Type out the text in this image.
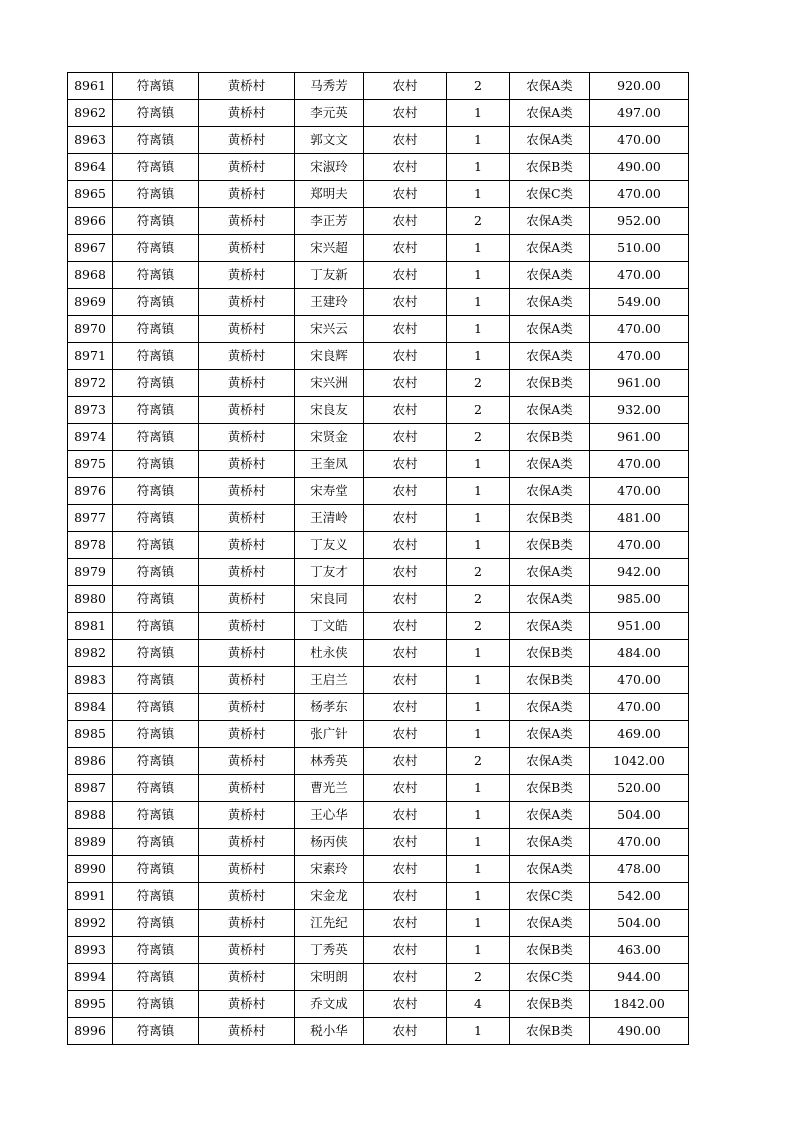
8961	符离镇	黄桥村	马秀芳	农村	2	农保A类	920.00
8962	符离镇	黄桥村	李元英	农村	1	农保A类	497.00
8963	符离镇	黄桥村	郭文文	农村	1	农保A类	470.00
8964	符离镇	黄桥村	宋淑玲	农村	1	农保B类	490.00
8965	符离镇	黄桥村	郑明夫	农村	1	农保C类	470.00
8966	符离镇	黄桥村	李正芳	农村	2	农保A类	952.00
8967	符离镇	黄桥村	宋兴超	农村	1	农保A类	510.00
8968	符离镇	黄桥村	丁友新	农村	1	农保A类	470.00
8969	符离镇	黄桥村	王建玲	农村	1	农保A类	549.00
8970	符离镇	黄桥村	宋兴云	农村	1	农保A类	470.00
8971	符离镇	黄桥村	宋良辉	农村	1	农保A类	470.00
8972	符离镇	黄桥村	宋兴洲	农村	2	农保B类	961.00
8973	符离镇	黄桥村	宋良友	农村	2	农保A类	932.00
8974	符离镇	黄桥村	宋贤金	农村	2	农保B类	961.00
8975	符离镇	黄桥村	王奎凤	农村	1	农保A类	470.00
8976	符离镇	黄桥村	宋寿堂	农村	1	农保A类	470.00
8977	符离镇	黄桥村	王清岭	农村	1	农保B类	481.00
8978	符离镇	黄桥村	丁友义	农村	1	农保B类	470.00
8979	符离镇	黄桥村	丁友才	农村	2	农保A类	942.00
8980	符离镇	黄桥村	宋良同	农村	2	农保A类	985.00
8981	符离镇	黄桥村	丁文皓	农村	2	农保A类	951.00
8982	符离镇	黄桥村	杜永侠	农村	1	农保B类	484.00
8983	符离镇	黄桥村	王启兰	农村	1	农保B类	470.00
8984	符离镇	黄桥村	杨孝东	农村	1	农保A类	470.00
8985	符离镇	黄桥村	张广针	农村	1	农保A类	469.00
8986	符离镇	黄桥村	林秀英	农村	2	农保A类	1042.00
8987	符离镇	黄桥村	曹光兰	农村	1	农保B类	520.00
8988	符离镇	黄桥村	王心华	农村	1	农保A类	504.00
8989	符离镇	黄桥村	杨丙侠	农村	1	农保A类	470.00
8990	符离镇	黄桥村	宋素玲	农村	1	农保A类	478.00
8991	符离镇	黄桥村	宋金龙	农村	1	农保C类	542.00
8992	符离镇	黄桥村	江先纪	农村	1	农保A类	504.00
8993	符离镇	黄桥村	丁秀英	农村	1	农保B类	463.00
8994	符离镇	黄桥村	宋明朗	农村	2	农保C类	944.00
8995	符离镇	黄桥村	乔文成	农村	4	农保B类	1842.00
8996	符离镇	黄桥村	税小华	农村	1	农保B类	490.00
